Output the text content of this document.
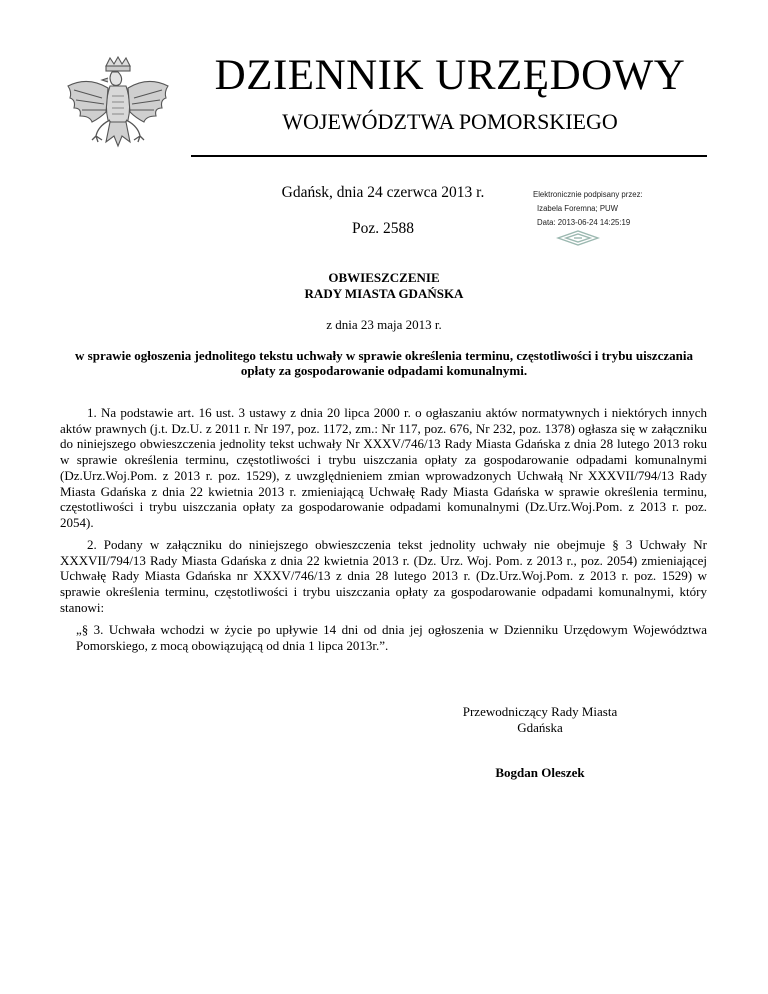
DZIENNIK URZĘDOWY
WOJEWÓDZTWA POMORSKIEGO
Gdańsk, dnia 24 czerwca 2013 r.
Poz. 2588
Elektronicznie podpisany przez:
Izabela Foremna; PUW
Data: 2013-06-24 14:25:19
OBWIESZCZENIE
RADY MIASTA GDAŃSKA
z dnia 23 maja 2013 r.
w sprawie ogłoszenia jednolitego tekstu uchwały w sprawie określenia terminu, częstotliwości i trybu uiszczania opłaty za gospodarowanie odpadami komunalnymi.

1. Na podstawie art. 16 ust. 3 ustawy z dnia 20 lipca 2000 r. o ogłaszaniu aktów normatywnych i niektórych innych aktów prawnych (j.t. Dz.U. z 2011 r. Nr 197, poz. 1172, zm.: Nr 117, poz. 676, Nr 232, poz. 1378) ogłasza się w załączniku do niniejszego obwieszczenia jednolity tekst uchwały Nr XXXV/746/13 Rady Miasta Gdańska z dnia 28 lutego 2013 roku w sprawie określenia terminu, częstotliwości i trybu uiszczania opłaty za gospodarowanie odpadami komunalnymi (Dz.Urz.Woj.Pom. z 2013 r. poz. 1529), z uwzględnieniem zmian wprowadzonych Uchwałą Nr XXXVII/794/13 Rady Miasta Gdańska z dnia 22 kwietnia 2013 r. zmieniającą Uchwałę Rady Miasta Gdańska w sprawie określenia terminu, częstotliwości i trybu uiszczania opłaty za gospodarowanie odpadami komunalnymi (Dz.Urz.Woj.Pom. z 2013 r. poz. 2054).

2. Podany w załączniku do niniejszego obwieszczenia tekst jednolity uchwały nie obejmuje § 3 Uchwały Nr XXXVII/794/13 Rady Miasta Gdańska z dnia 22 kwietnia 2013 r. (Dz. Urz. Woj. Pom. z 2013 r., poz. 2054) zmieniającej Uchwałę Rady Miasta Gdańska nr XXXV/746/13 z dnia 28 lutego 2013 r. (Dz.Urz.Woj.Pom. z 2013 r. poz. 1529) w sprawie określenia terminu, częstotliwości i trybu uiszczania opłaty za gospodarowanie odpadami komunalnymi, który stanowi:

„§ 3. Uchwała wchodzi w życie po upływie 14 dni od dnia jej ogłoszenia w Dzienniku Urzędowym Województwa Pomorskiego, z mocą obowiązującą od dnia 1 lipca 2013r.”.

Przewodniczący Rady Miasta
Gdańska
Bogdan Oleszek
